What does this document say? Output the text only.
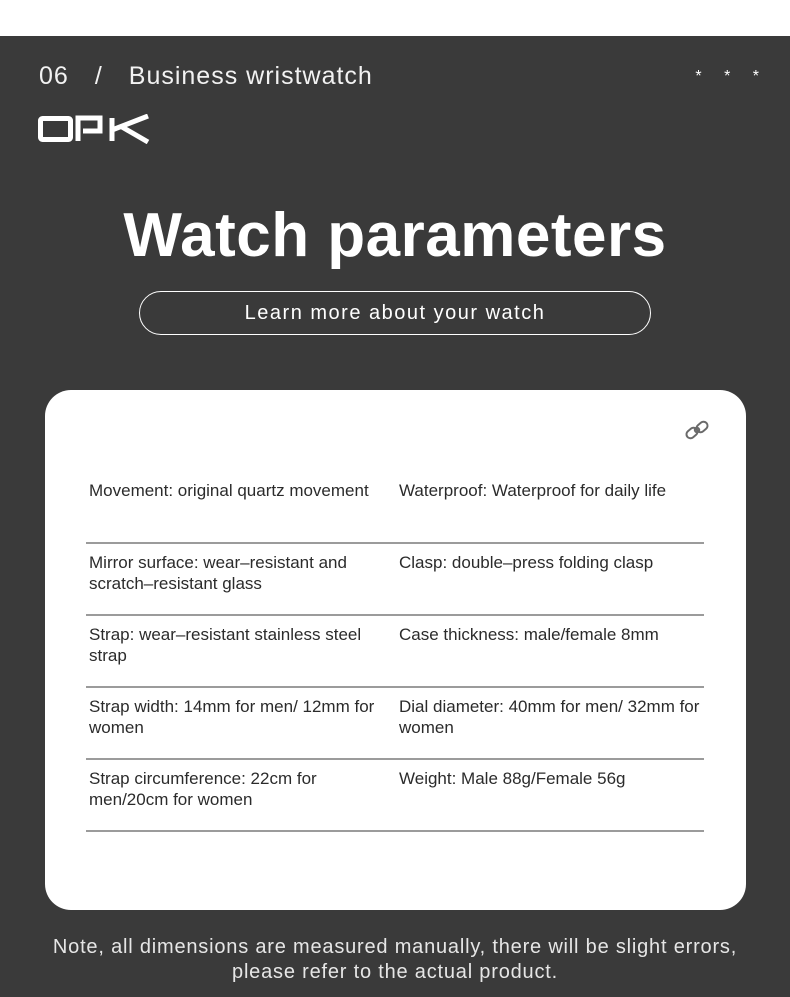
06 / Business wristwatch	* * *
Watch parameters
Learn more about your watch
Movement: original quartz movement	Waterproof: Waterproof for daily life
Mirror surface: wear–resistant and scratch–resistant glass
Clasp: double–press folding clasp
Strap: wear–resistant stainless steel strap
Case thickness: male/female 8mm
Strap width: 14mm for men/ 12mm for women
Dial diameter: 40mm for men/ 32mm for women
Strap circumference: 22cm for men/20cm for women
Weight: Male 88g/Female 56g
Note, all dimensions are measured manually, there will be slight errors, please refer to the actual product.
